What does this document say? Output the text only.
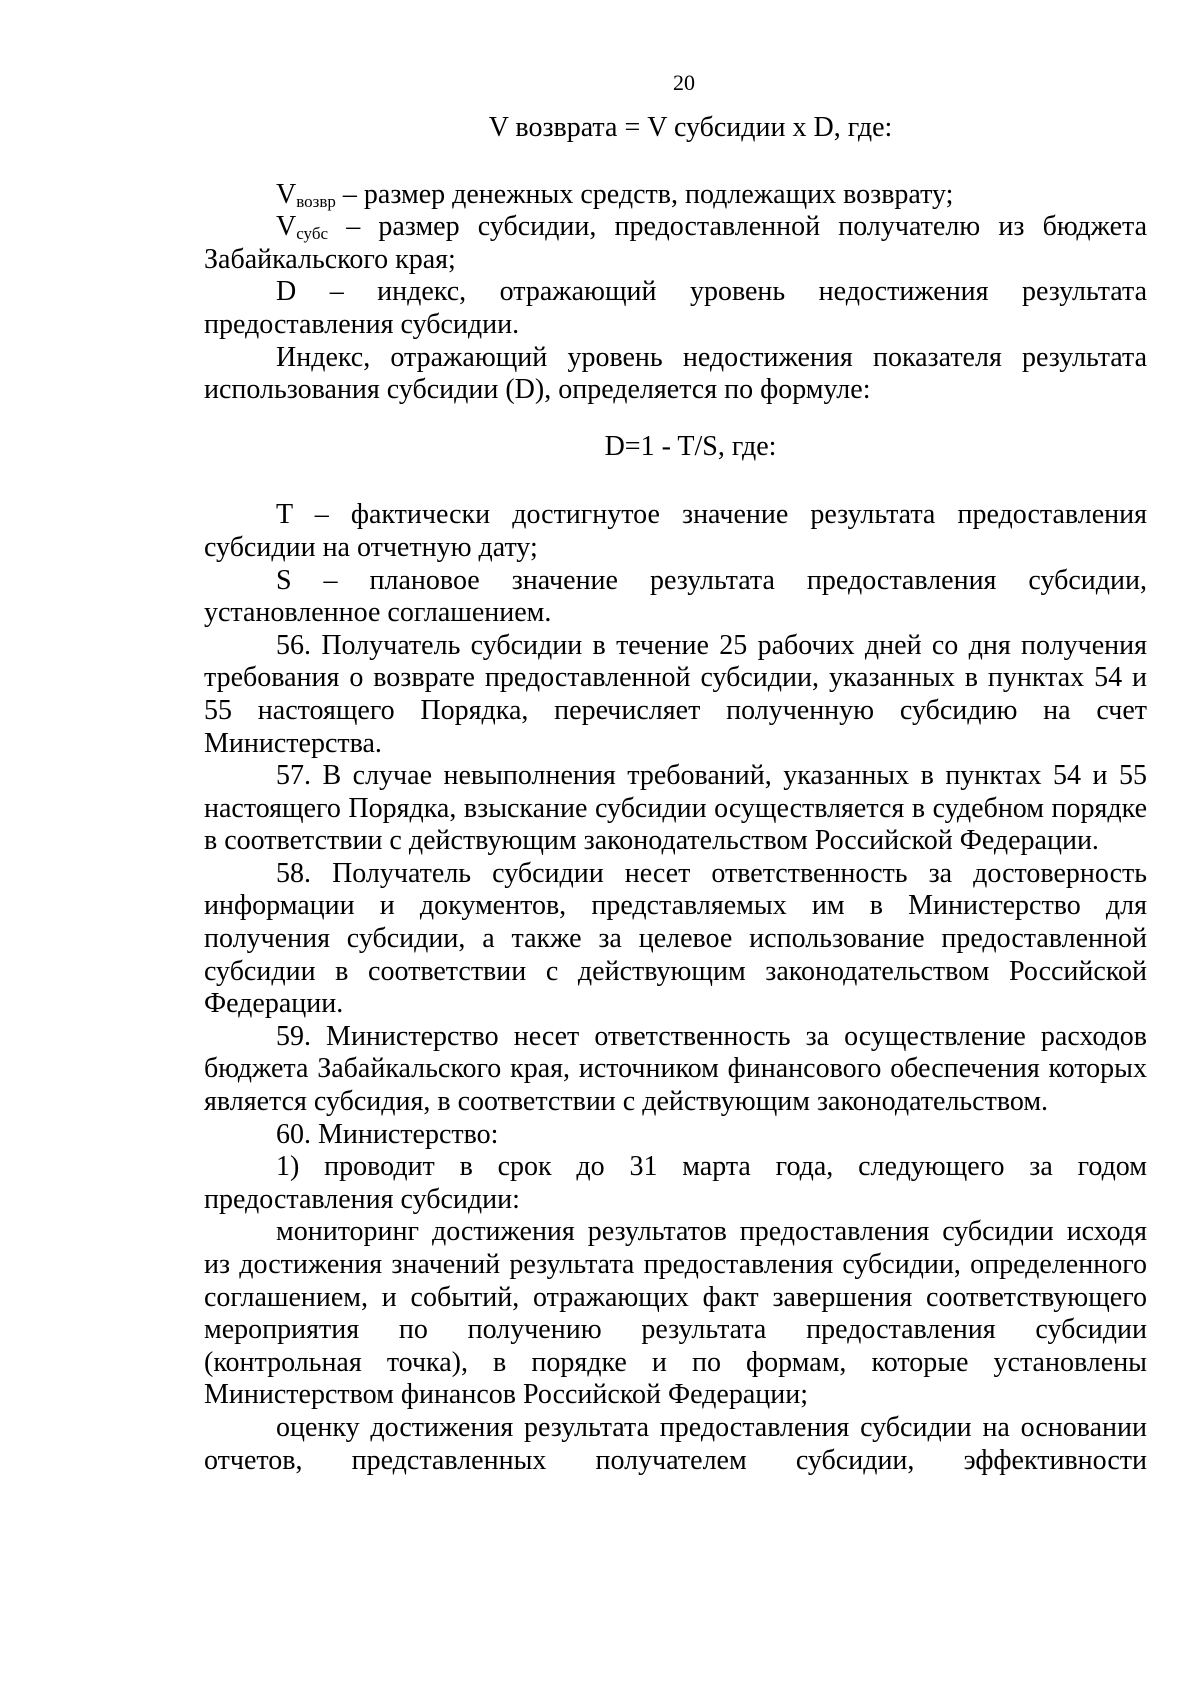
20

V возврата = V субсидии x D, где:

$V_{возвр}$ – размер денежных средств, подлежащих возврату;

$V_{субс}$ – размер субсидии, предоставленной получателю из бюджета Забайкальского края;

D – индекс, отражающий уровень недостижения результата предоставления субсидии.

Индекс, отражающий уровень недостижения показателя результата использования субсидии (D), определяется по формуле:

D=1 - T/S, где:

T – фактически достигнутое значение результата предоставления субсидии на отчетную дату;

S – плановое значение результата предоставления субсидии, установленное соглашением.

56. Получатель субсидии в течение 25 рабочих дней со дня получения требования о возврате предоставленной субсидии, указанных в пунктах 54 и 55 настоящего Порядка, перечисляет полученную субсидию на счет Министерства.

57. В случае невыполнения требований, указанных в пунктах 54 и 55 настоящего Порядка, взыскание субсидии осуществляется в судебном порядке в соответствии с действующим законодательством Российской Федерации.

58. Получатель субсидии несет ответственность за достоверность информации и документов, представляемых им в Министерство для получения субсидии, а также за целевое использование предоставленной субсидии в соответствии с действующим законодательством Российской Федерации.

59. Министерство несет ответственность за осуществление расходов бюджета Забайкальского края, источником финансового обеспечения которых является субсидия, в соответствии с действующим законодательством.

60. Министерство:

1) проводит в срок до 31 марта года, следующего за годом предоставления субсидии:

мониторинг достижения результатов предоставления субсидии исходя из достижения значений результата предоставления субсидии, определенного соглашением, и событий, отражающих факт завершения соответствующего мероприятия по получению результата предоставления субсидии (контрольная точка), в порядке и по формам, которые установлены Министерством финансов Российской Федерации;

оценку достижения результата предоставления субсидии на основании отчетов, представленных получателем субсидии, эффективности
